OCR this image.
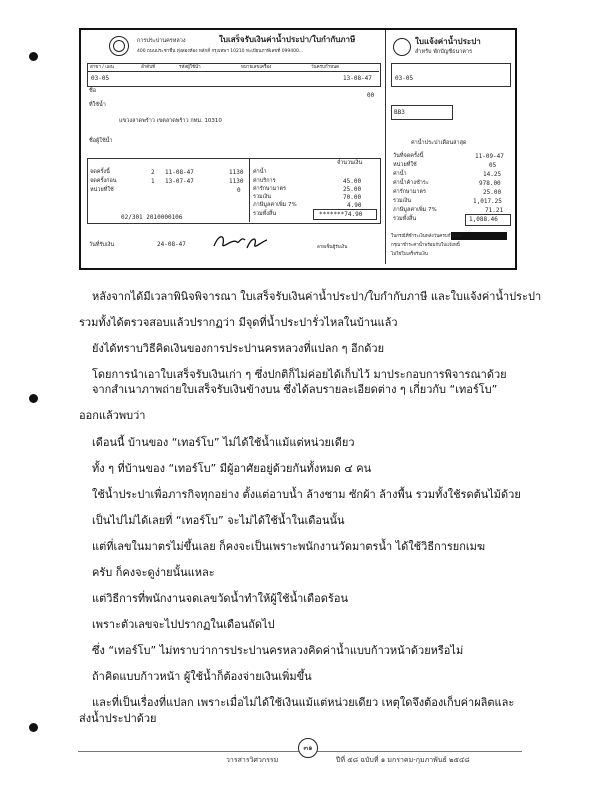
การประปานครหลวง	ใบเสร็จรับเงินค่าน้ำประปา/ใบกำกับภาษี
400 ถนนประชาชื่น ทุ่งสองห้อง หลักสี่ กรุงเทพฯ 10210 ทะเบียนภาษีเลขที่ 099400...
สาขา / แผน	ลำดับที่	รหัสผู้ใช้น้ำ	หมายเลขเครื่อง	วันครบกำหนด
03-05	13-08-47
ชื่อ
00
ที่ใช้น้ำ
แขวงลาดพร้าว เขตลาดพร้าว กทม. 10310
ชื่อผู้ใช้น้ำ
จำนวนเงิน
จดครั้งนี้	2 11-08-47	1130
จดครั้งก่อน	1 13-07-47	1130
หน่วยที่ใช้	0
ค่าน้ำ
ค่าบริการ	45.00
ค่ารักษามาตร	25.00
รวมเงิน	70.00
ภาษีมูลค่าเพิ่ม 7%	4.90
รวมทั้งสิ้น	*******74.90
02/301 2010000106
วันที่รับเงิน	24-08-47	ลายเซ็นผู้รับเงิน
ใบแจ้งค่าน้ำประปา
สำหรับ พักบัญชีธนาคาร
03-05
BB3
ค่าน้ำประปาเดือนล่าสุด
วันที่จดครั้งนี้	11-09-47
หน่วยที่ใช้	05
ค่าน้ำ	14.25
ค่าน้ำค้างชำระ	978.00
ค่ารักษามาตร	25.00
รวมเงิน	1,017.25
ภาษีมูลค่าเพิ่ม 7%	71.21
รวมทั้งสิ้น	1,088.46
ในกรณีที่ชำระเงินหลังวันครบกำหนด
กรุณาชำระค่าน้ำพร้อมกับใบแจ้งหนี้
ไม่ใช่ใบเสร็จรับเงิน
หลังจากได้มีเวลาพินิจพิจารณา ใบเสร็จรับเงินค่าน้ำประปา/ใบกำกับภาษี และใบแจ้งค่าน้ำประปา
รวมทั้งได้ตรวจสอบแล้วปรากฏว่า มีจุดที่น้ำประปารั่วไหลในบ้านแล้ว
ยังได้ทราบวิธีคิดเงินของการประปานครหลวงที่แปลก ๆ อีกด้วย
โดยการนำเอาใบเสร็จรับเงินเก่า ๆ ซึ่งปกติก็ไม่ค่อยได้เก็บไว้ มาประกอบการพิจารณาด้วย
จากสำเนาภาพถ่ายใบเสร็จรับเงินข้างบน ซึ่งได้ลบรายละเอียดต่าง ๆ เกี่ยวกับ “เทอร์โบ”
ออกแล้วพบว่า
เดือนนี้ บ้านของ “เทอร์โบ” ไม่ได้ใช้น้ำแม้แต่หน่วยเดียว
ทั้ง ๆ ที่บ้านของ “เทอร์โบ” มีผู้อาศัยอยู่ด้วยกันทั้งหมด ๔ คน
ใช้น้ำประปาเพื่อภารกิจทุกอย่าง ตั้งแต่อาบน้ำ ล้างชาม ซักผ้า ล้างพื้น รวมทั้งใช้รดต้นไม้ด้วย
เป็นไปไม่ได้เลยที่ “เทอร์โบ” จะไม่ได้ใช้น้ำในเดือนนั้น
แต่ที่เลขในมาตรไม่ขึ้นเลย ก็คงจะเป็นเพราะพนักงานวัดมาตรน้ำ ได้ใช้วิธีการยกเมฆ
ครับ ก็คงจะดูง่ายนั้นแหละ
แต่วิธีการที่พนักงานจดเลขวัดน้ำทำให้ผู้ใช้น้ำเดือดร้อน
เพราะตัวเลขจะไปปรากฏในเดือนถัดไป
ซึ่ง “เทอร์โบ” ไม่ทราบว่าการประปานครหลวงคิดค่าน้ำแบบก้าวหน้าด้วยหรือไม่
ถ้าคิดแบบก้าวหน้า ผู้ใช้น้ำก็ต้องจ่ายเงินเพิ่มขึ้น
และที่เป็นเรื่องที่แปลก เพราะเมื่อไม่ได้ใช้เงินแม้แต่หน่วยเดียว เหตุใดจึงต้องเก็บค่าผลิตและ
ส่งน้ำประปาด้วย
วารสารวิศวกรรม
๓๑
ปีที่ ๕๘ ฉบับที่ ๑ มกราคม-กุมภาพันธ์ ๒๕๔๘
